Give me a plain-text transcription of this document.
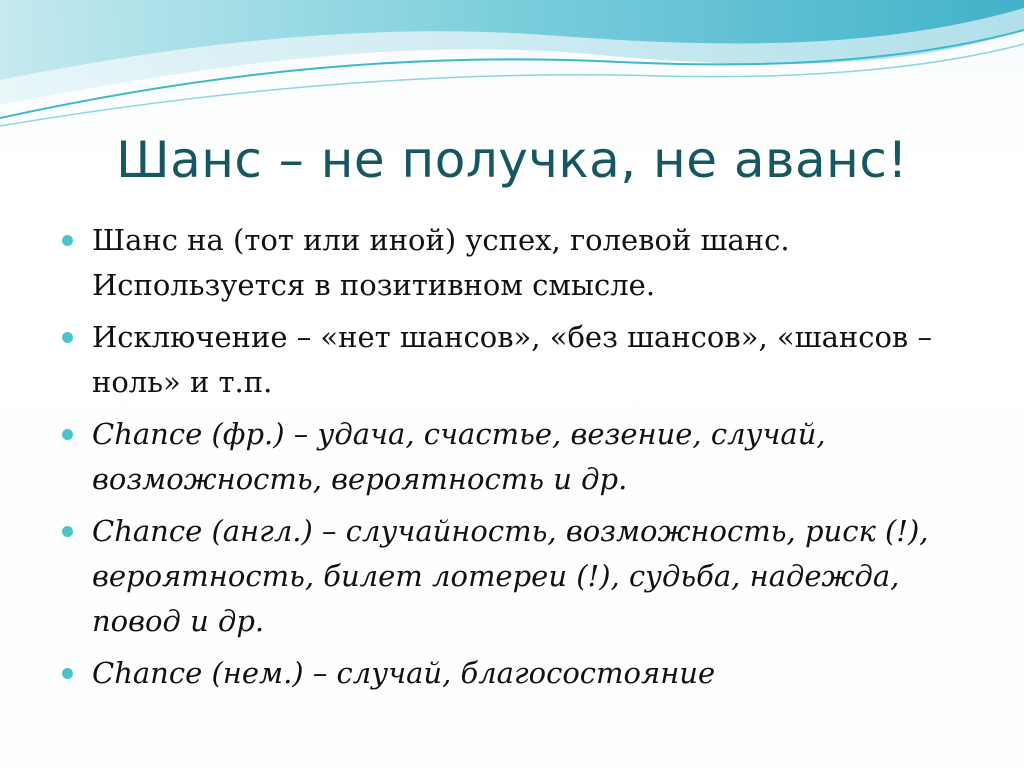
Шанс – не получка, не аванс!
Шанс на (тот или иной) успех, голевой шанс. Используется в позитивном смысле.
Исключение – «нет шансов», «без шансов», «шансов – ноль» и т.п.
Chance (фр.) – удача, счастье, везение, случай, возможность, вероятность и др.
Chance (англ.) – случайность, возможность, риск (!), вероятность, билет лотереи (!), судьба, надежда, повод и др.
Chance (нем.) – случай, благосостояние
